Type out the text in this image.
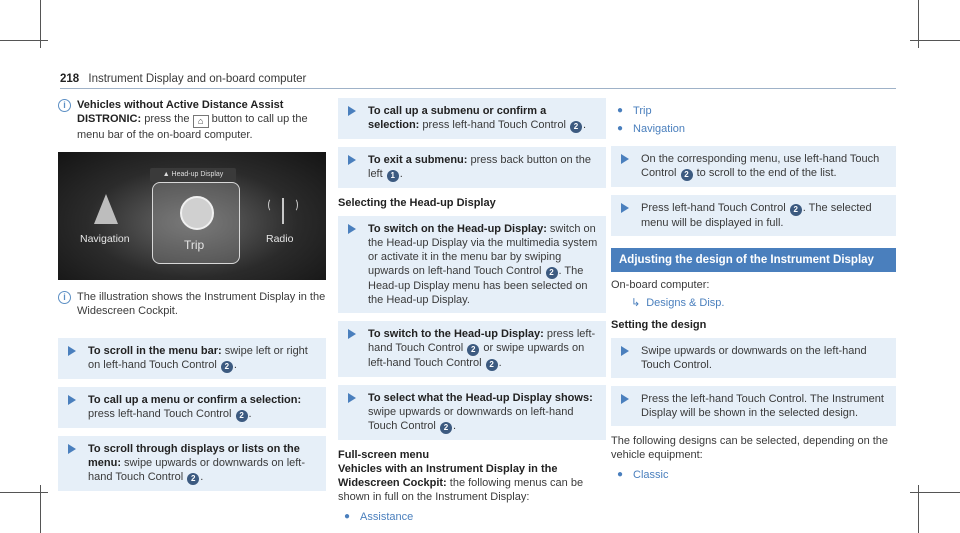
218 Instrument Display and on-board computer
i	Vehicles without Active Distance Assist DISTRONIC: press the ⌂ button to call up the menu bar of the on-board computer.
▲ Head-up Display
Navigation	Trip	Radio
i	The illustration shows the Instrument Display in the Widescreen Cockpit.
To scroll in the menu bar: swipe left or right on left-hand Touch Control 2 .
To call up a menu or confirm a selection: press left-hand Touch Control 2 .
To scroll through displays or lists on the menu: swipe upwards or downwards on left-hand Touch Control 2 .
To call up a submenu or confirm a selection: press left-hand Touch Control 2 .
To exit a submenu: press back button on the left 1 .
Selecting the Head-up Display
To switch on the Head-up Display: switch on the Head-up Display via the multimedia system or activate it in the menu bar by swiping upwards on left-hand Touch Control 2 . The Head-up Display menu has been selected on the Head-up Display.
To switch to the Head-up Display: press left-hand Touch Control 2 or swipe upwards on left-hand Touch Control 2 .
To select what the Head-up Display shows: swipe upwards or downwards on left-hand Touch Control 2 .
Full-screen menu

Vehicles with an Instrument Display in the Widescreen Cockpit: the following menus can be shown in full on the Instrument Display:

● Assistance
● Trip
● Navigation
On the corresponding menu, use left-hand Touch Control 2 to scroll to the end of the list.
Press left-hand Touch Control 2 . The selected menu will be displayed in full.
Adjusting the design of the Instrument Display

On-board computer:

↳ Designs & Disp.
Setting the design
Swipe upwards or downwards on the left-hand Touch Control.
Press the left-hand Touch Control. The Instrument Display will be shown in the selected design.

The following designs can be selected, depending on the vehicle equipment:

● Classic
